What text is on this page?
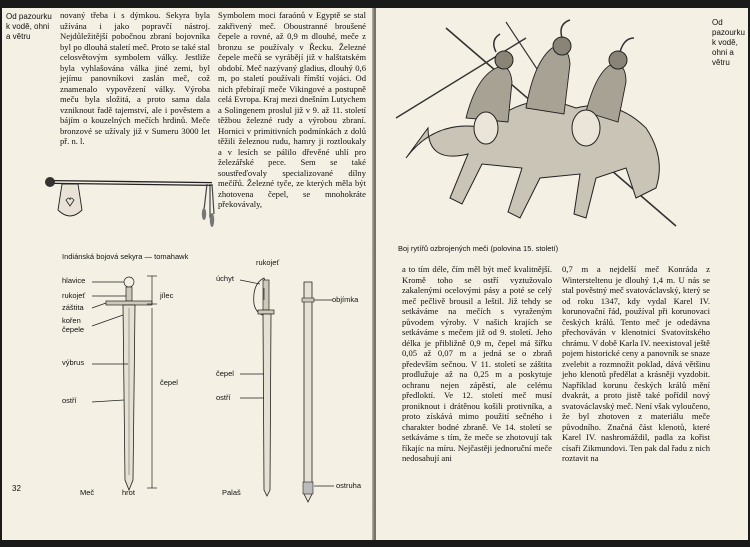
Od pazourku k vodě, ohni a větru
novaný třeba i s dýmkou. Sekyra byla užívána i jako popravčí nástroj. Nejdůležitější pobočnou zbraní bojovníka byl po dlouhá staletí meč. Proto se také stal celosvětovým symbolem války. Jestliže byla vyhlašována válka jiné zemi, byl jejímu panovníkovi zaslán meč, což znamenalo vypovězení války. Výroba meču byla složitá, a proto sama dala vzniknout řadě tajemství, ale i pověstem a bájím o kouzelných mečích hrdinů. Meče bronzové se užívaly již v Sumeru 3000 let př. n. l.
Symbolem moci faraónů v Egyptě se stal zakřivený meč. Oboustranné broušené čepele a rovné, až 0,9 m dlouhé, meče z bronzu se používaly v Řecku. Železné čepele mečů se vyrábějí již v halštatském období. Meč nazývaný gladius, dlouhý 0,6 m, po staletí používali římští vojáci. Od nich přebírají meče Vikingové a postupně celá Evropa. Kraj mezi dnešním Lutychem a Solingenem proslul již v 9. až 11. století těžbou železné rudy a výrobou zbraní. Hornici v primitivních podmínkách z dolů těžili železnou rudu, hamry ji roztloukaly a v lesích se pálilo dřevěné uhlí pro železářské pece. Sem se také soustřeďovaly specializované dílny mečířů. Železné tyče, ze kterých měla být zhotovena čepel, se mnohokráte překovávaly,
Indiánská bojová sekyra — tomahawk
hlavice
rukojeť
záštita
kořen čepele
výbrus
ostří
jílec
čepel
hrot
Meč
úchyt
rukojeť
objímka
čepel
ostří
ostruha
Palaš
32
Boj rytířů ozbrojených meči (polovina 15. století)
Od pazourku k vodě, ohni a větru
a to tím déle, čím měl být meč kvalitnější. Kromě toho se ostří vyztužovalo zakalenými ocelovými pásy a poté se celý meč pečlivě brousil a leštil. Již tehdy se setkáváme na mečích s vyraženým původem výroby. V našich krajích se setkáváme s mečem již od 9. století. Jeho délka je přibližně 0,9 m, čepel má šířku 0,05 až 0,07 m a jedná se o zbraň především sečnou. V 11. století se záštita prodlužuje až na 0,25 m a poskytuje ochranu nejen zápěstí, ale celému předloktí. Ve 12. století meč musí proniknout i drátěnou košili protivníka, a proto získává mimo použití sečného i charakter bodné zbraně. Ve 14. století se setkáváme s tím, že meče se zhotovují tak říkajíc na míru. Nejčastěji jednoruční meče nedosahují ani
0,7 m a nejdelší meč Konráda z Wintersteltenu je dlouhý 1,4 m. U nás se stal pověstný meč svatováclavský, který se od roku 1347, kdy vydal Karel IV. korunovační řád, používal při korunovaci českých králů. Tento meč je odedávna přechováván v klenotnici Svatovítského chrámu. V době Karla IV. neexistoval ještě pojem historické ceny a panovník se snaze zvelebit a rozmnožit poklad, dává většinu jeho klenotů předělat a krásněji vyzdobit. Například korunu českých králů mění dvakrát, a proto jistě také pořídil nový svatováclavský meč. Není však vyloučeno, že byl zhotoven z materiálu meče původního. Značná část klenotů, které Karel IV. nashromáždil, padla za kořist císaři Zikmundovi. Ten pak dal řadu z nich roztavit na
